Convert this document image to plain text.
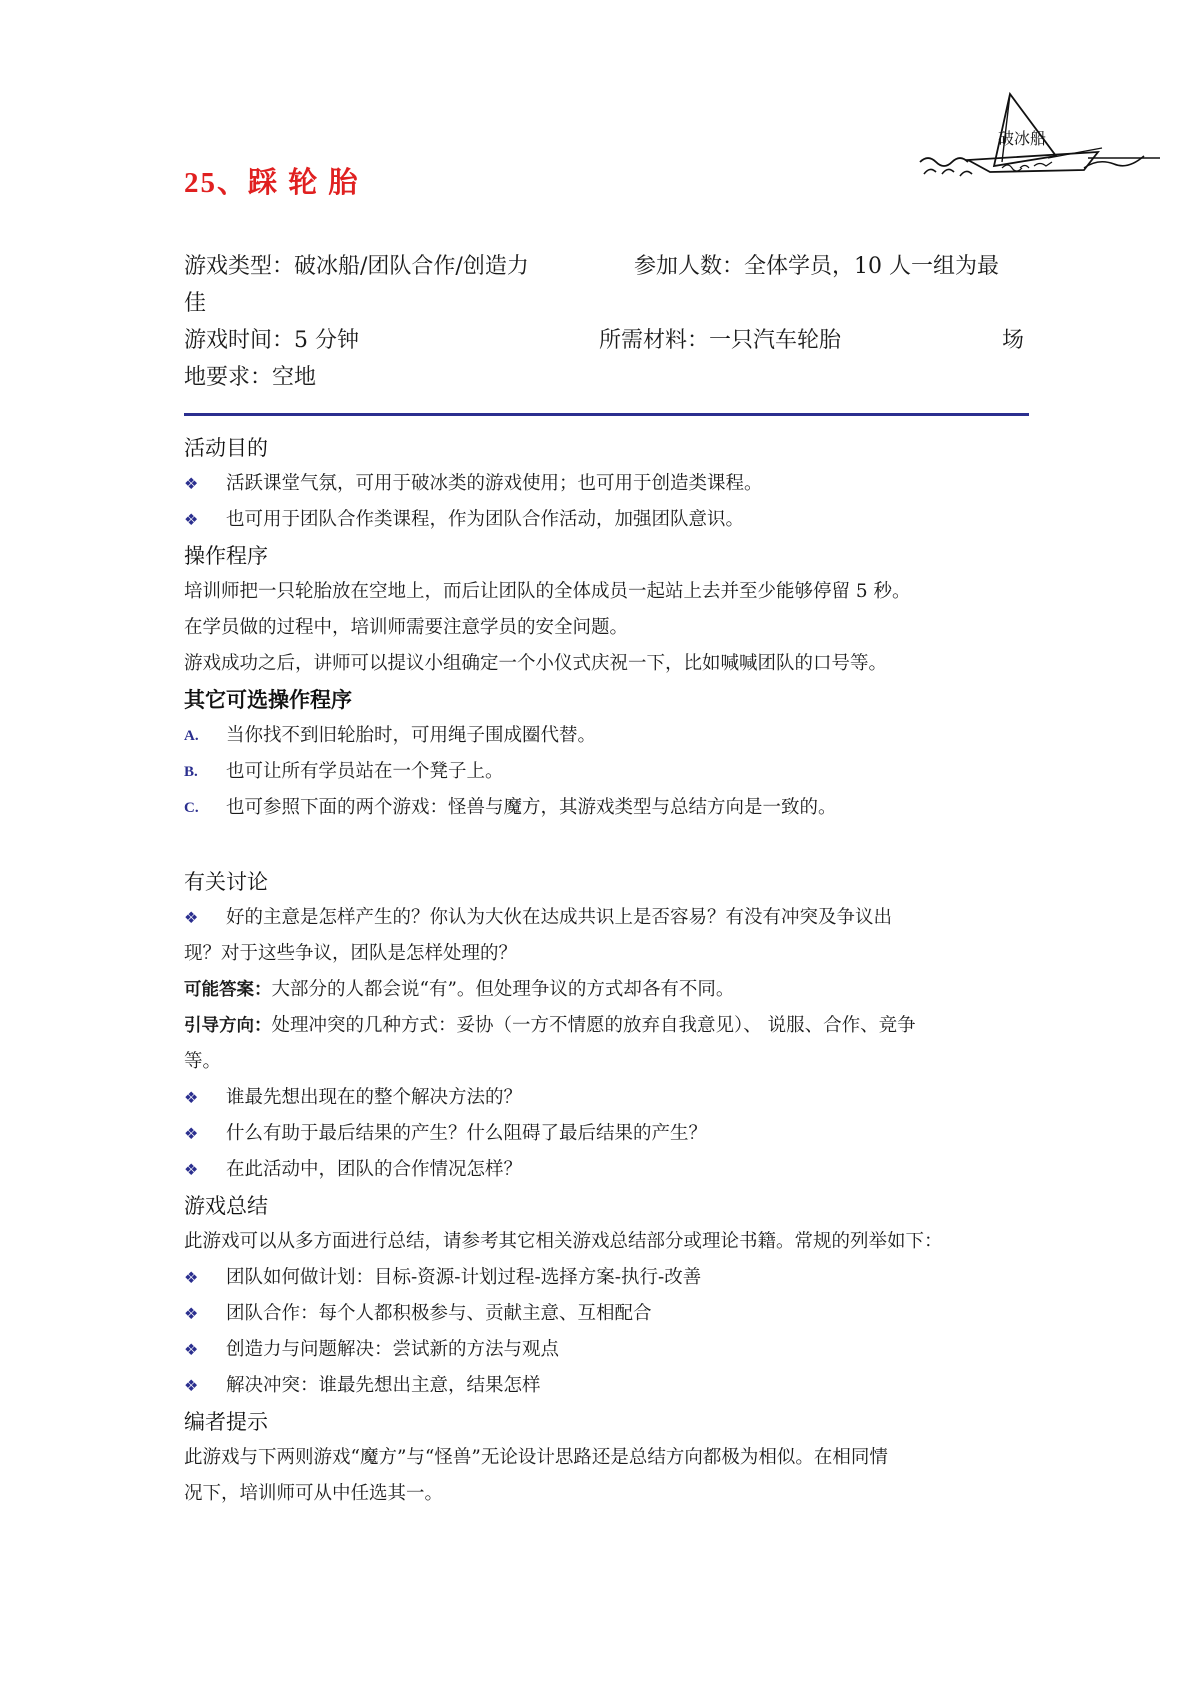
25、踩 轮 胎
破冰船
游戏类型：破冰船/团队合作/创造力	参加人数：全体学员，10 人一组为最
佳
游戏时间：5 分钟	所需材料：一只汽车轮胎	场
地要求：空地
活动目的
❖	活跃课堂气氛，可用于破冰类的游戏使用；也可用于创造类课程。
❖	也可用于团队合作类课程，作为团队合作活动，加强团队意识。
操作程序
培训师把一只轮胎放在空地上，而后让团队的全体成员一起站上去并至少能够停留 5 秒。
在学员做的过程中，培训师需要注意学员的安全问题。
游戏成功之后，讲师可以提议小组确定一个小仪式庆祝一下，比如喊喊团队的口号等。
其它可选操作程序
A.	当你找不到旧轮胎时，可用绳子围成圈代替。
B.	也可让所有学员站在一个凳子上。
C.	也可参照下面的两个游戏：怪兽与魔方，其游戏类型与总结方向是一致的。
有关讨论
❖	好的主意是怎样产生的？你认为大伙在达成共识上是否容易？有没有冲突及争议出
现？对于这些争议，团队是怎样处理的？
可能答案：大部分的人都会说“有”。但处理争议的方式却各有不同。
引导方向：处理冲突的几种方式：妥协（一方不情愿的放弃自我意见）、 说服、合作、竞争
等。
❖	谁最先想出现在的整个解决方法的？
❖	什么有助于最后结果的产生？什么阻碍了最后结果的产生？
❖	在此活动中，团队的合作情况怎样？
游戏总结
此游戏可以从多方面进行总结，请参考其它相关游戏总结部分或理论书籍。常规的列举如下：
❖	团队如何做计划：目标-资源-计划过程-选择方案-执行-改善
❖	团队合作：每个人都积极参与、贡献主意、互相配合
❖	创造力与问题解决：尝试新的方法与观点
❖	解决冲突：谁最先想出主意，结果怎样
编者提示
此游戏与下两则游戏“魔方”与“怪兽”无论设计思路还是总结方向都极为相似。在相同情
况下，培训师可从中任选其一。
